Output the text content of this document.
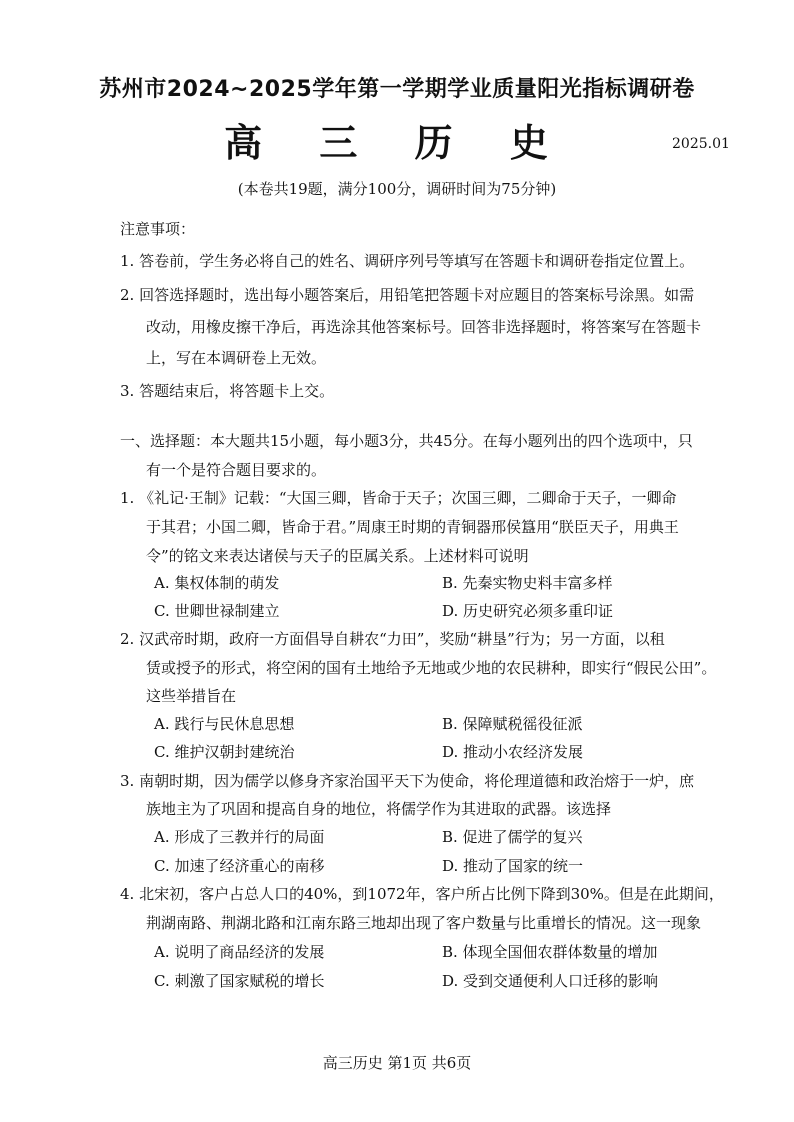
苏州市2024~2025学年第一学期学业质量阳光指标调研卷
高 三 历 史	2025.01
(本卷共19题，满分100分，调研时间为75分钟)
注意事项：
1. 答卷前，学生务必将自己的姓名、调研序列号等填写在答题卡和调研卷指定位置上。
2. 回答选择题时，选出每小题答案后，用铅笔把答题卡对应题目的答案标号涂黑。如需
改动，用橡皮擦干净后，再选涂其他答案标号。回答非选择题时，将答案写在答题卡
上，写在本调研卷上无效。
3. 答题结束后，将答题卡上交。
一、选择题：本大题共15小题，每小题3分，共45分。在每小题列出的四个选项中，只
有一个是符合题目要求的。
1. 《礼记·王制》记载：“大国三卿，皆命于天子；次国三卿，二卿命于天子，一卿命
于其君；小国二卿，皆命于君。”周康王时期的青铜器邢侯簋用“朕臣天子，用典王
令”的铭文来表达诸侯与天子的臣属关系。上述材料可说明
A. 集权体制的萌发	B. 先秦实物史料丰富多样
C. 世卿世禄制建立	D. 历史研究必须多重印证
2. 汉武帝时期，政府一方面倡导自耕农“力田”，奖励“耕垦”行为；另一方面，以租
赁或授予的形式，将空闲的国有土地给予无地或少地的农民耕种，即实行“假民公田”。
这些举措旨在
A. 践行与民休息思想	B. 保障赋税徭役征派
C. 维护汉朝封建统治	D. 推动小农经济发展
3. 南朝时期，因为儒学以修身齐家治国平天下为使命，将伦理道德和政治熔于一炉，庶
族地主为了巩固和提高自身的地位，将儒学作为其进取的武器。该选择
A. 形成了三教并行的局面	B. 促进了儒学的复兴
C. 加速了经济重心的南移	D. 推动了国家的统一
4. 北宋初，客户占总人口的40%，到1072年，客户所占比例下降到30%。但是在此期间，
荆湖南路、荆湖北路和江南东路三地却出现了客户数量与比重增长的情况。这一现象
A. 说明了商品经济的发展	B. 体现全国佃农群体数量的增加
C. 刺激了国家赋税的增长	D. 受到交通便利人口迁移的影响
高三历史 第1页 共6页
